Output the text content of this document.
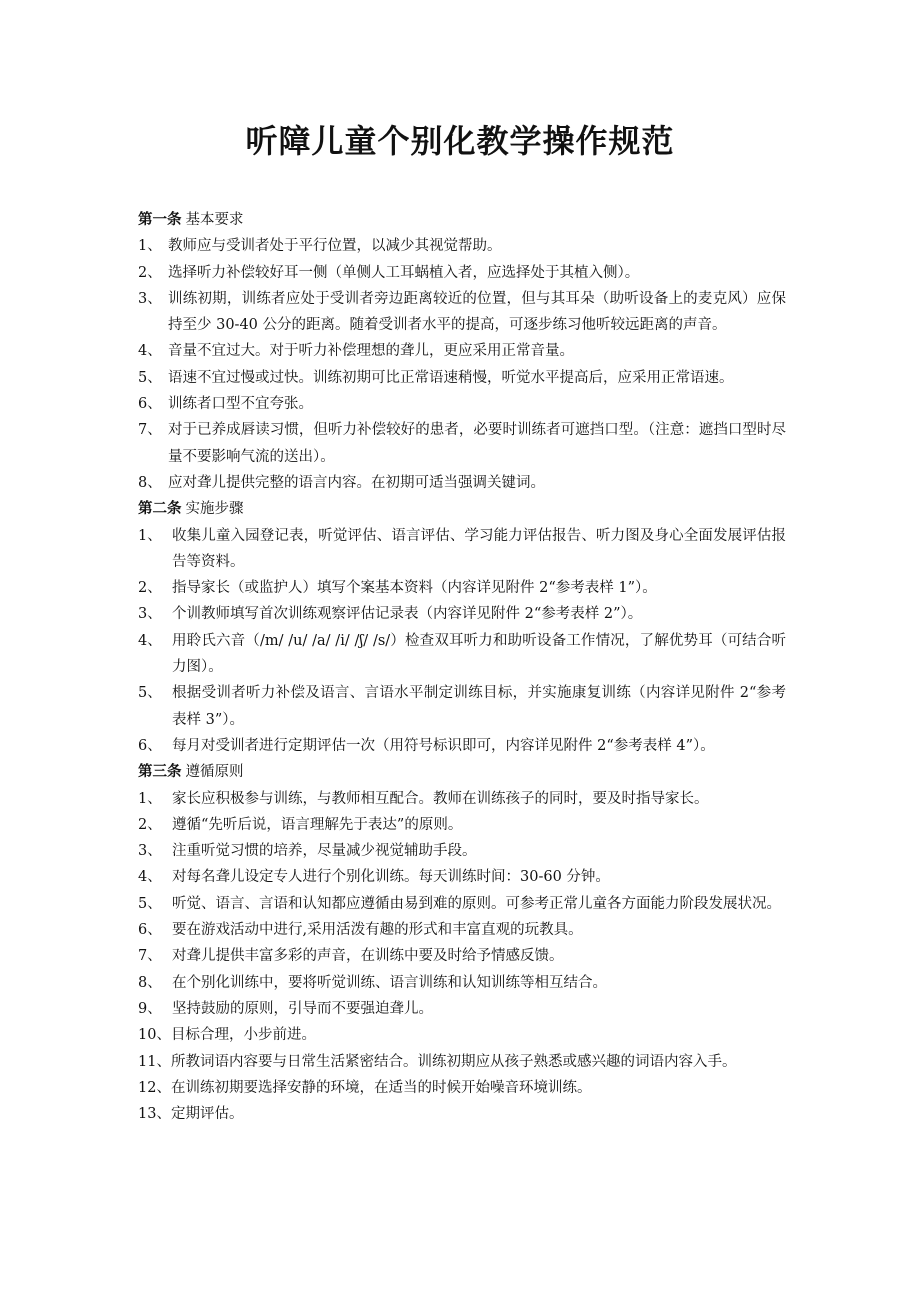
听障儿童个别化教学操作规范
第一条 基本要求
1、 教师应与受训者处于平行位置，以减少其视觉帮助。
2、 选择听力补偿较好耳一侧（单侧人工耳蜗植入者，应选择处于其植入侧）。
3、 训练初期，训练者应处于受训者旁边距离较近的位置，但与其耳朵（助听设备上的麦克风）应保持至少 30-40 公分的距离。随着受训者水平的提高，可逐步练习他听较远距离的声音。
4、 音量不宜过大。对于听力补偿理想的聋儿，更应采用正常音量。
5、 语速不宜过慢或过快。训练初期可比正常语速稍慢，听觉水平提高后，应采用正常语速。
6、 训练者口型不宜夸张。
7、 对于已养成唇读习惯，但听力补偿较好的患者，必要时训练者可遮挡口型。（注意：遮挡口型时尽量不要影响气流的送出）。
8、 应对聋儿提供完整的语言内容。在初期可适当强调关键词。
第二条 实施步骤
1、 收集儿童入园登记表，听觉评估、语言评估、学习能力评估报告、听力图及身心全面发展评估报告等资料。
2、 指导家长（或监护人）填写个案基本资料（内容详见附件 2“参考表样 1”）。
3、 个训教师填写首次训练观察评估记录表（内容详见附件 2“参考表样 2”）。
4、 用聆氏六音（/m/ /u/ /a/ /i/ /ʃ/ /s/）检查双耳听力和助听设备工作情况，了解优势耳（可结合听力图）。
5、 根据受训者听力补偿及语言、言语水平制定训练目标，并实施康复训练（内容详见附件 2“参考表样 3”）。
6、 每月对受训者进行定期评估一次（用符号标识即可，内容详见附件 2“参考表样 4”）。
第三条 遵循原则
1、 家长应积极参与训练，与教师相互配合。教师在训练孩子的同时，要及时指导家长。
2、 遵循“先听后说，语言理解先于表达”的原则。
3、 注重听觉习惯的培养，尽量减少视觉辅助手段。
4、 对每名聋儿设定专人进行个别化训练。每天训练时间：30-60 分钟。
5、 听觉、语言、言语和认知都应遵循由易到难的原则。可参考正常儿童各方面能力阶段发展状况。
6、 要在游戏活动中进行,采用活泼有趣的形式和丰富直观的玩教具。
7、 对聋儿提供丰富多彩的声音，在训练中要及时给予情感反馈。
8、 在个别化训练中，要将听觉训练、语言训练和认知训练等相互结合。
9、 坚持鼓励的原则，引导而不要强迫聋儿。
10、 目标合理，小步前进。
11、 所教词语内容要与日常生活紧密结合。训练初期应从孩子熟悉或感兴趣的词语内容入手。
12、 在训练初期要选择安静的环境，在适当的时候开始噪音环境训练。
13、 定期评估。
